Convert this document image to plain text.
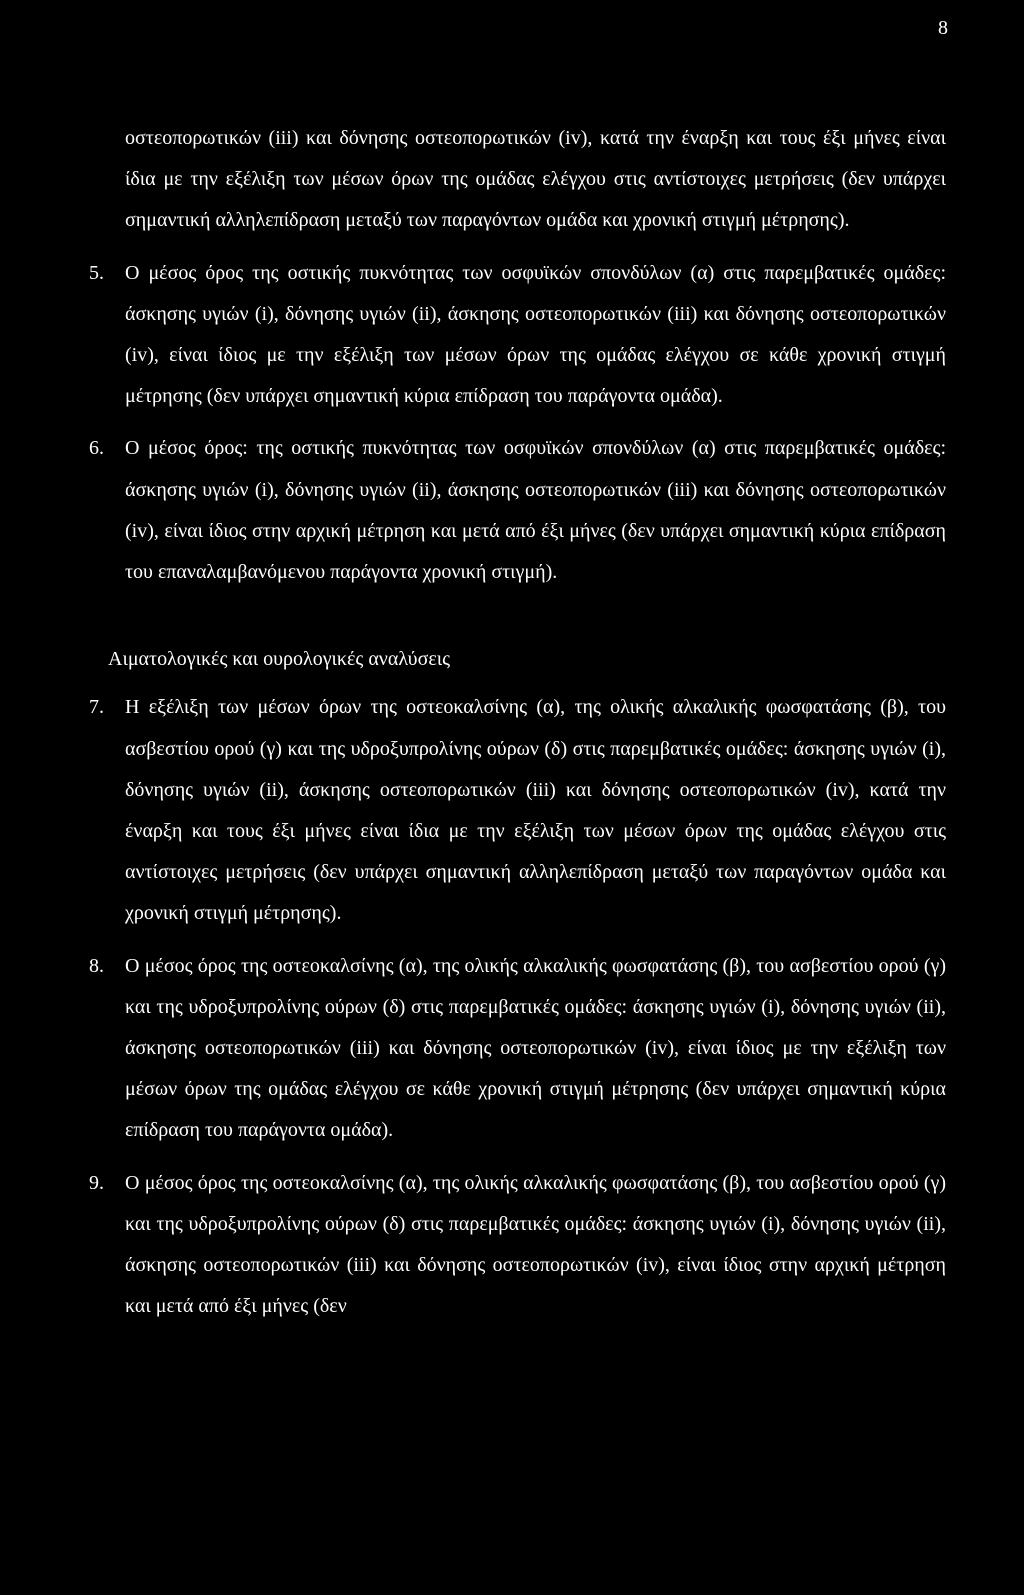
8
οστεοπορωτικών (iii) και δόνησης οστεοπορωτικών (iv), κατά την έναρξη και τους έξι μήνες είναι ίδια με την εξέλιξη των μέσων όρων της ομάδας ελέγχου στις αντίστοιχες μετρήσεις (δεν υπάρχει σημαντική αλληλεπίδραση μεταξύ των παραγόντων ομάδα και χρονική στιγμή μέτρησης).
5.	Ο μέσος όρος της οστικής πυκνότητας των οσφυϊκών σπονδύλων (α) στις παρεμβατικές ομάδες: άσκησης υγιών (i), δόνησης υγιών (ii), άσκησης οστεοπορωτικών (iii) και δόνησης οστεοπορωτικών (iv), είναι ίδιος με την εξέλιξη των μέσων όρων της ομάδας ελέγχου σε κάθε χρονική στιγμή μέτρησης (δεν υπάρχει σημαντική κύρια επίδραση του παράγοντα ομάδα).
6.	Ο μέσος όρος: της οστικής πυκνότητας των οσφυϊκών σπονδύλων (α) στις παρεμβατικές ομάδες: άσκησης υγιών (i), δόνησης υγιών (ii), άσκησης οστεοπορωτικών (iii) και δόνησης οστεοπορωτικών (iv), είναι ίδιος στην αρχική μέτρηση και μετά από έξι μήνες (δεν υπάρχει σημαντική κύρια επίδραση του επαναλαμβανόμενου παράγοντα χρονική στιγμή).
Αιματολογικές και ουρολογικές αναλύσεις
7.	Η εξέλιξη των μέσων όρων της οστεοκαλσίνης (α), της ολικής αλκαλικής φωσφατάσης (β), του ασβεστίου ορού (γ) και της υδροξυπρολίνης ούρων (δ) στις παρεμβατικές ομάδες: άσκησης υγιών (i), δόνησης υγιών (ii), άσκησης οστεοπορωτικών (iii) και δόνησης οστεοπορωτικών (iv), κατά την έναρξη και τους έξι μήνες είναι ίδια με την εξέλιξη των μέσων όρων της ομάδας ελέγχου στις αντίστοιχες μετρήσεις (δεν υπάρχει σημαντική αλληλεπίδραση μεταξύ των παραγόντων ομάδα και χρονική στιγμή μέτρησης).
8.	Ο μέσος όρος της οστεοκαλσίνης (α), της ολικής αλκαλικής φωσφατάσης (β), του ασβεστίου ορού (γ) και της υδροξυπρολίνης ούρων (δ) στις παρεμβατικές ομάδες: άσκησης υγιών (i), δόνησης υγιών (ii), άσκησης οστεοπορωτικών (iii) και δόνησης οστεοπορωτικών (iv), είναι ίδιος με την εξέλιξη των μέσων όρων της ομάδας ελέγχου σε κάθε χρονική στιγμή μέτρησης (δεν υπάρχει σημαντική κύρια επίδραση του παράγοντα ομάδα).
9.	Ο μέσος όρος της οστεοκαλσίνης (α), της ολικής αλκαλικής φωσφατάσης (β), του ασβεστίου ορού (γ) και της υδροξυπρολίνης ούρων (δ) στις παρεμβατικές ομάδες: άσκησης υγιών (i), δόνησης υγιών (ii), άσκησης οστεοπορωτικών (iii) και δόνησης οστεοπορωτικών (iv), είναι ίδιος στην αρχική μέτρηση και μετά από έξι μήνες (δεν
